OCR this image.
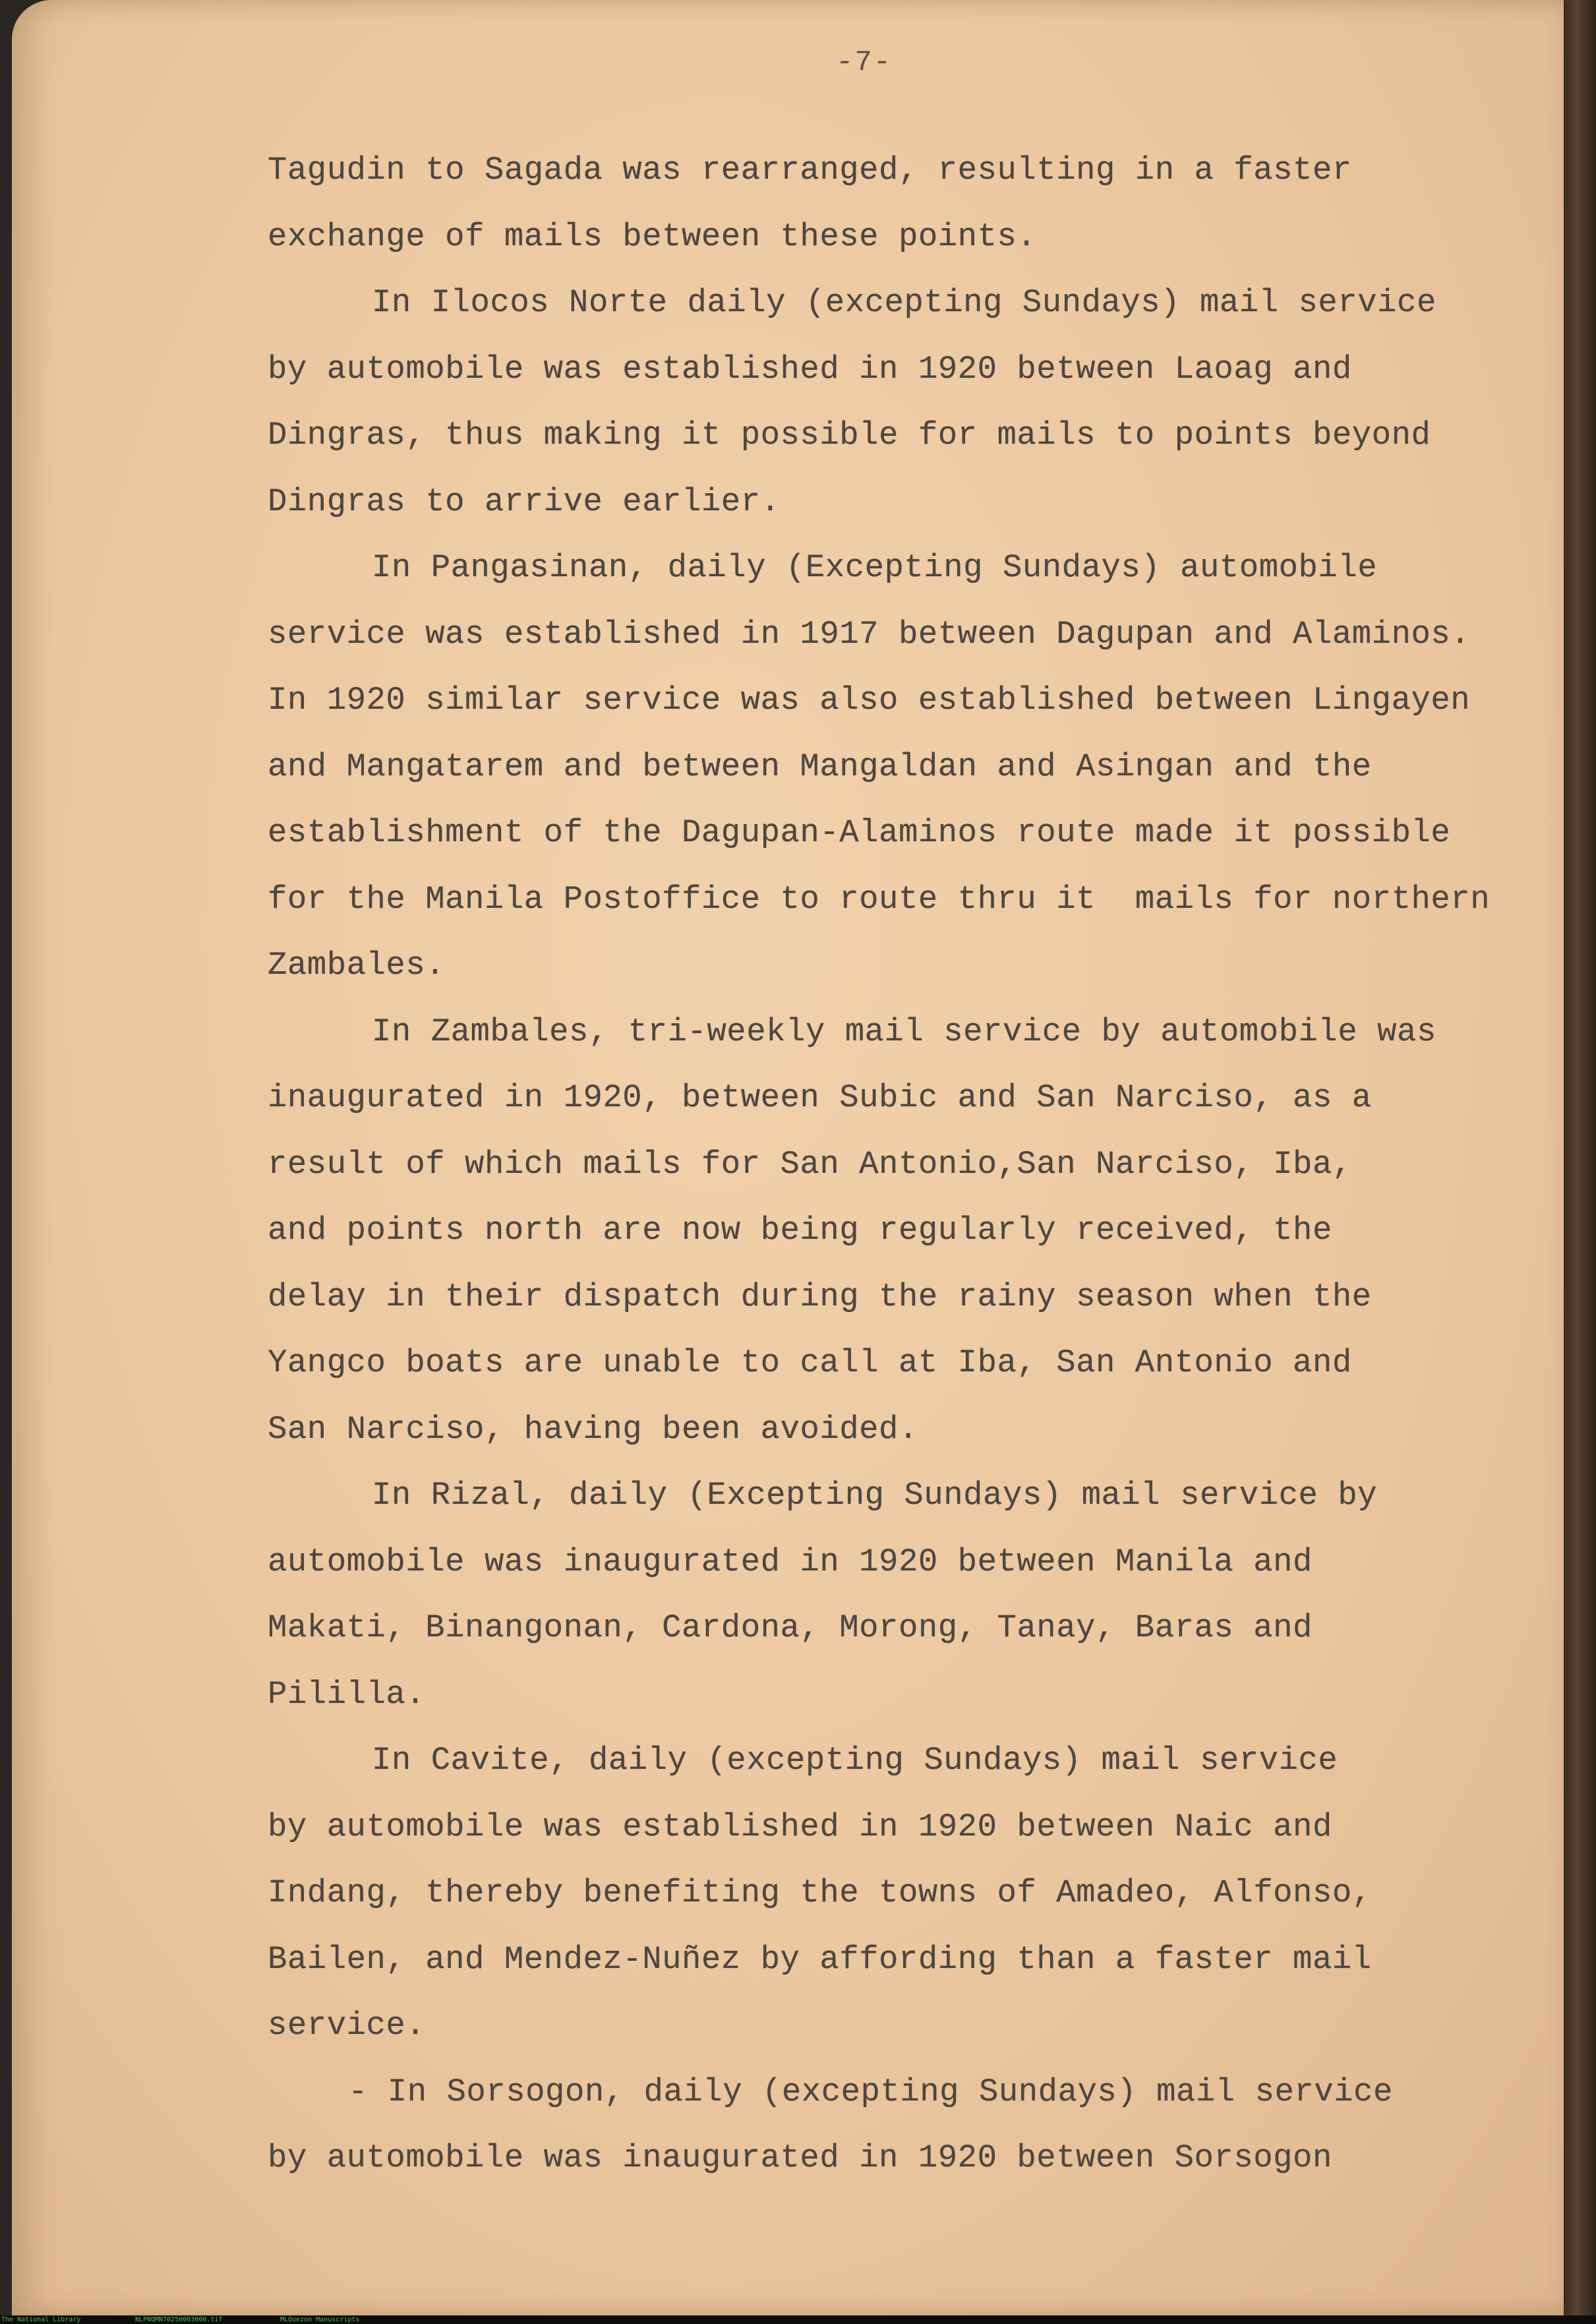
-7-
Tagudin to Sagada was rearranged, resulting in a faster
exchange of mails between these points.
In Ilocos Norte daily (excepting Sundays) mail service
by automobile was established in 1920 between Laoag and
Dingras, thus making it possible for mails to points beyond
Dingras to arrive earlier.
In Pangasinan, daily (Excepting Sundays) automobile
service was established in 1917 between Dagupan and Alaminos.
In 1920 similar service was also established between Lingayen
and Mangatarem and between Mangaldan and Asingan and the
establishment of the Dagupan-Alaminos route made it possible
for the Manila Postoffice to route thru it  mails for northern
Zambales.
In Zambales, tri-weekly mail service by automobile was
inaugurated in 1920, between Subic and San Narciso, as a
result of which mails for San Antonio,San Narciso, Iba,
and points north are now being regularly received, the
delay in their dispatch during the rainy season when the
Yangco boats are unable to call at Iba, San Antonio and
San Narciso, having been avoided.
In Rizal, daily (Excepting Sundays) mail service by
automobile was inaugurated in 1920 between Manila and
Makati, Binangonan, Cardona, Morong, Tanay, Baras and
Pililla.
In Cavite, daily (excepting Sundays) mail service
by automobile was established in 1920 between Naic and
Indang, thereby benefiting the towns of Amadeo, Alfonso,
Bailen, and Mendez-Nuñez by affording than a faster mail
service.
- In Sorsogon, daily (excepting Sundays) mail service
by automobile was inaugurated in 1920 between Sorsogon
The National Library	NLPNQMN70250003000.tif	MLQuezon Manuscripts
